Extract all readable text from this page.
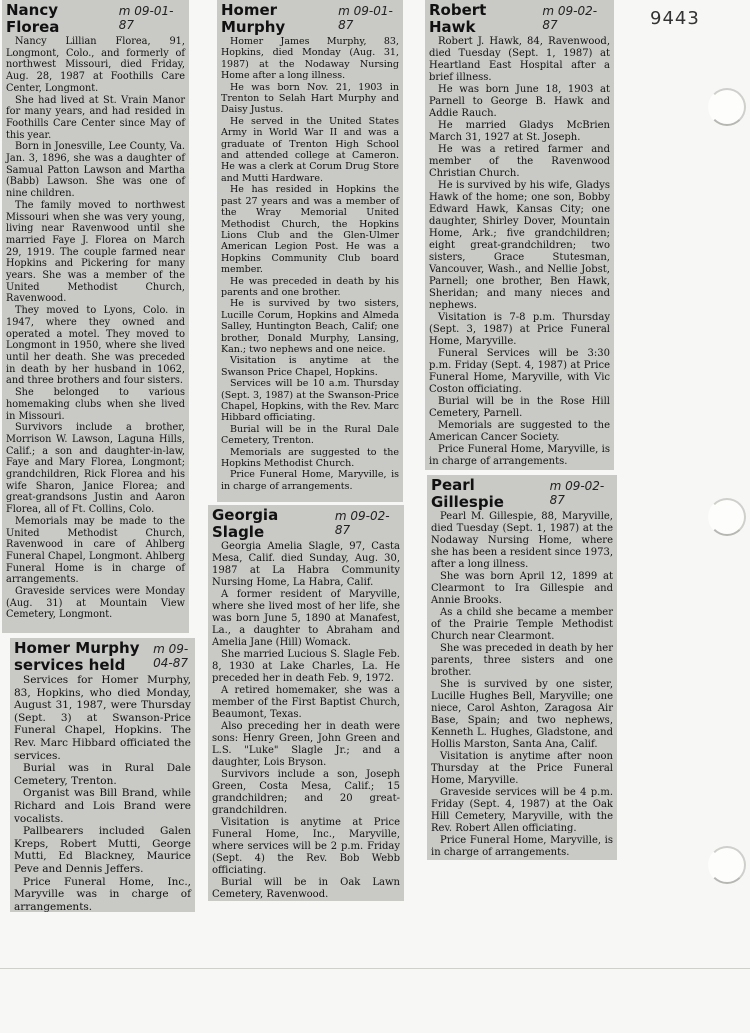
9443
Nancy Florea
m 09-01-87

Nancy Lillian Florea, 91, Longmont, Colo., and formerly of northwest Missouri, died Friday, Aug. 28, 1987 at Foothills Care Center, Longmont.

She had lived at St. Vrain Manor for many years, and had resided in Foothills Care Center since May of this year.

Born in Jonesville, Lee County, Va. Jan. 3, 1896, she was a daughter of Samual Patton Lawson and Martha (Babb) Lawson. She was one of nine children.

The family moved to northwest Missouri when she was very young, living near Ravenwood until she married Faye J. Florea on March 29, 1919. The couple farmed near Hopkins and Pickering for many years. She was a member of the United Methodist Church, Ravenwood.

They moved to Lyons, Colo. in 1947, where they owned and operated a motel. They moved to Longmont in 1950, where she lived until her death. She was preceded in death by her husband in 1062, and three brothers and four sisters.

She belonged to various homemaking clubs when she lived in Missouri.

Survivors include a brother, Morrison W. Lawson, Laguna Hills, Calif.; a son and daughter-in-law, Faye and Mary Florea, Longmont; grandchildren, Rick Florea and his wife Sharon, Janice Florea; and great-grandsons Justin and Aaron Florea, all of Ft. Collins, Colo.

Memorials may be made to the United Methodist Church, Ravenwood in care of Ahlberg Funeral Chapel, Longmont. Ahlberg Funeral Home is in charge of arrangements.

Graveside services were Monday (Aug. 31) at Mountain View Cemetery, Longmont.

Homer Murphy services held
m 09-04-87

Services for Homer Murphy, 83, Hopkins, who died Monday, August 31, 1987, were Thursday (Sept. 3) at Swanson-Price Funeral Chapel, Hopkins. The Rev. Marc Hibbard officiated the services.

Burial was in Rural Dale Cemetery, Trenton.

Organist was Bill Brand, while Richard and Lois Brand were vocalists.

Pallbearers included Galen Kreps, Robert Mutti, George Mutti, Ed Blackney, Maurice Peve and Dennis Jeffers.

Price Funeral Home, Inc., Maryville was in charge of arrangements.

Homer Murphy
m 09-01-87

Homer James Murphy, 83, Hopkins, died Monday (Aug. 31, 1987) at the Nodaway Nursing Home after a long illness.

He was born Nov. 21, 1903 in Trenton to Selah Hart Murphy and Daisy Justus.

He served in the United States Army in World War II and was a graduate of Trenton High School and attended college at Cameron. He was a clerk at Corum Drug Store and Mutti Hardware.

He has resided in Hopkins the past 27 years and was a member of the Wray Memorial United Methodist Church, the Hopkins Lions Club and the Glen-Ulmer American Legion Post. He was a Hopkins Community Club board member.

He was preceded in death by his parents and one brother.

He is survived by two sisters, Lucille Corum, Hopkins and Almeda Salley, Huntington Beach, Calif; one brother, Donald Murphy, Lansing, Kan.; two nephews and one neice.

Visitation is anytime at the Swanson Price Chapel, Hopkins.

Services will be 10 a.m. Thursday (Sept. 3, 1987) at the Swanson-Price Chapel, Hopkins, with the Rev. Marc Hibbard officiating.

Burial will be in the Rural Dale Cemetery, Trenton.

Memorials are suggested to the Hopkins Methodist Church.

Price Funeral Home, Maryville, is in charge of arrangements.

Georgia Slagle
m 09-02-87

Georgia Amelia Slagle, 97, Casta Mesa, Calif. died Sunday, Aug. 30, 1987 at La Habra Community Nursing Home, La Habra, Calif.

A former resident of Maryville, where she lived most of her life, she was born June 5, 1890 at Manafest, La., a daughter to Abraham and Amelia Jane (Hill) Womack.

She married Lucious S. Slagle Feb. 8, 1930 at Lake Charles, La. He preceded her in death Feb. 9, 1972.

A retired homemaker, she was a member of the First Baptist Church, Beaumont, Texas.

Also preceding her in death were sons: Henry Green, John Green and L.S. "Luke" Slagle Jr.; and a daughter, Lois Bryson.

Survivors include a son, Joseph Green, Costa Mesa, Calif.; 15 grandchildren; and 20 great-grandchildren.

Visitation is anytime at Price Funeral Home, Inc., Maryville, where services will be 2 p.m. Friday (Sept. 4) the Rev. Bob Webb officiating.

Burial will be in Oak Lawn Cemetery, Ravenwood.

Robert Hawk
m 09-02-87

Robert J. Hawk, 84, Ravenwood, died Tuesday (Sept. 1, 1987) at Heartland East Hospital after a brief illness.

He was born June 18, 1903 at Parnell to George B. Hawk and Addie Rauch.

He married Gladys McBrien March 31, 1927 at St. Joseph.

He was a retired farmer and member of the Ravenwood Christian Church.

He is survived by his wife, Gladys Hawk of the home; one son, Bobby Edward Hawk, Kansas City; one daughter, Shirley Dover, Mountain Home, Ark.; five grandchildren; eight great-grandchildren; two sisters, Grace Stutesman, Vancouver, Wash., and Nellie Jobst, Parnell; one brother, Ben Hawk, Sheridan; and many nieces and nephews.

Visitation is 7-8 p.m. Thursday (Sept. 3, 1987) at Price Funeral Home, Maryville.

Funeral Services will be 3:30 p.m. Friday (Sept. 4, 1987) at Price Funeral Home, Maryville, with Vic Coston officiating.

Burial will be in the Rose Hill Cemetery, Parnell.

Memorials are suggested to the American Cancer Society.

Price Funeral Home, Maryville, is in charge of arrangements.

Pearl Gillespie
m 09-02-87

Pearl M. Gillespie, 88, Maryville, died Tuesday (Sept. 1, 1987) at the Nodaway Nursing Home, where she has been a resident since 1973, after a long illness.

She was born April 12, 1899 at Clearmont to Ira Gillespie and Annie Brooks.

As a child she became a member of the Prairie Temple Methodist Church near Clearmont.

She was preceded in death by her parents, three sisters and one brother.

She is survived by one sister, Lucille Hughes Bell, Maryville; one niece, Carol Ashton, Zaragosa Air Base, Spain; and two nephews, Kenneth L. Hughes, Gladstone, and Hollis Marston, Santa Ana, Calif.

Visitation is anytime after noon Thursday at the Price Funeral Home, Maryville.

Graveside services will be 4 p.m. Friday (Sept. 4, 1987) at the Oak Hill Cemetery, Maryville, with the Rev. Robert Allen officiating.

Price Funeral Home, Maryville, is in charge of arrangements.
